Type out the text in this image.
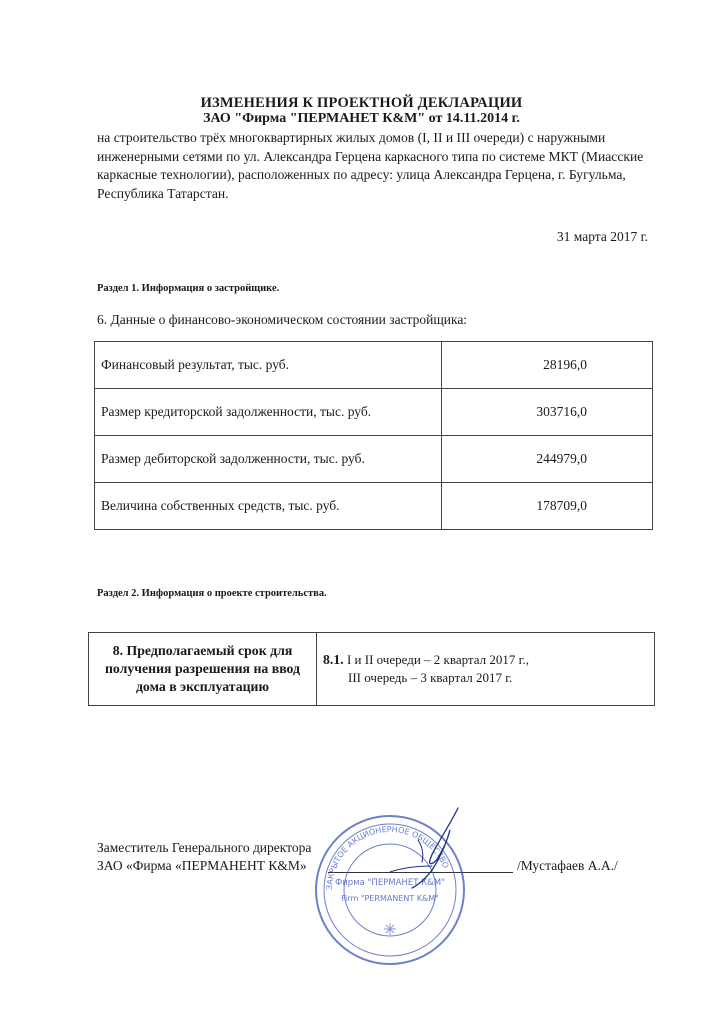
ИЗМЕНЕНИЯ К ПРОЕКТНОЙ ДЕКЛАРАЦИИ
ЗАО "Фирма "ПЕРМАНЕТ К&М" от 14.11.2014 г.
на строительство трёх многоквартирных жилых домов (I, II и III очереди) с наружными инженерными сетями по ул. Александра Герцена каркасного типа по системе МКТ (Миасские каркасные технологии), расположенных по адресу: улица Александра Герцена, г. Бугульма, Республика Татарстан.
31 марта 2017 г.
Раздел 1. Информация о застройщике.
6. Данные о финансово-экономическом состоянии застройщика:
Финансовый результат, тыс. руб.	28196,0
Размер кредиторской задолженности, тыс. руб.	303716,0
Размер дебиторской задолженности, тыс. руб.	244979,0
Величина собственных средств, тыс. руб.	178709,0
Раздел 2. Информация о проекте строительства.
8. Предполагаемый срок для получения разрешения на ввод дома в эксплуатацию	
8.1. I и II очереди – 2 квартал 2017 г.,
III очередь – 3 квартал 2017 г.
Заместитель Генерального директора
ЗАО «Фирма «ПЕРМАНЕНТ К&М»	/Мустафаев А.А./
ЗАКРЫТОЕ АКЦИОНЕРНОЕ ОБЩЕСТВО
Фирма "ПЕРМАНЕТ К&М"
Firm "PERMANENT K&M"
